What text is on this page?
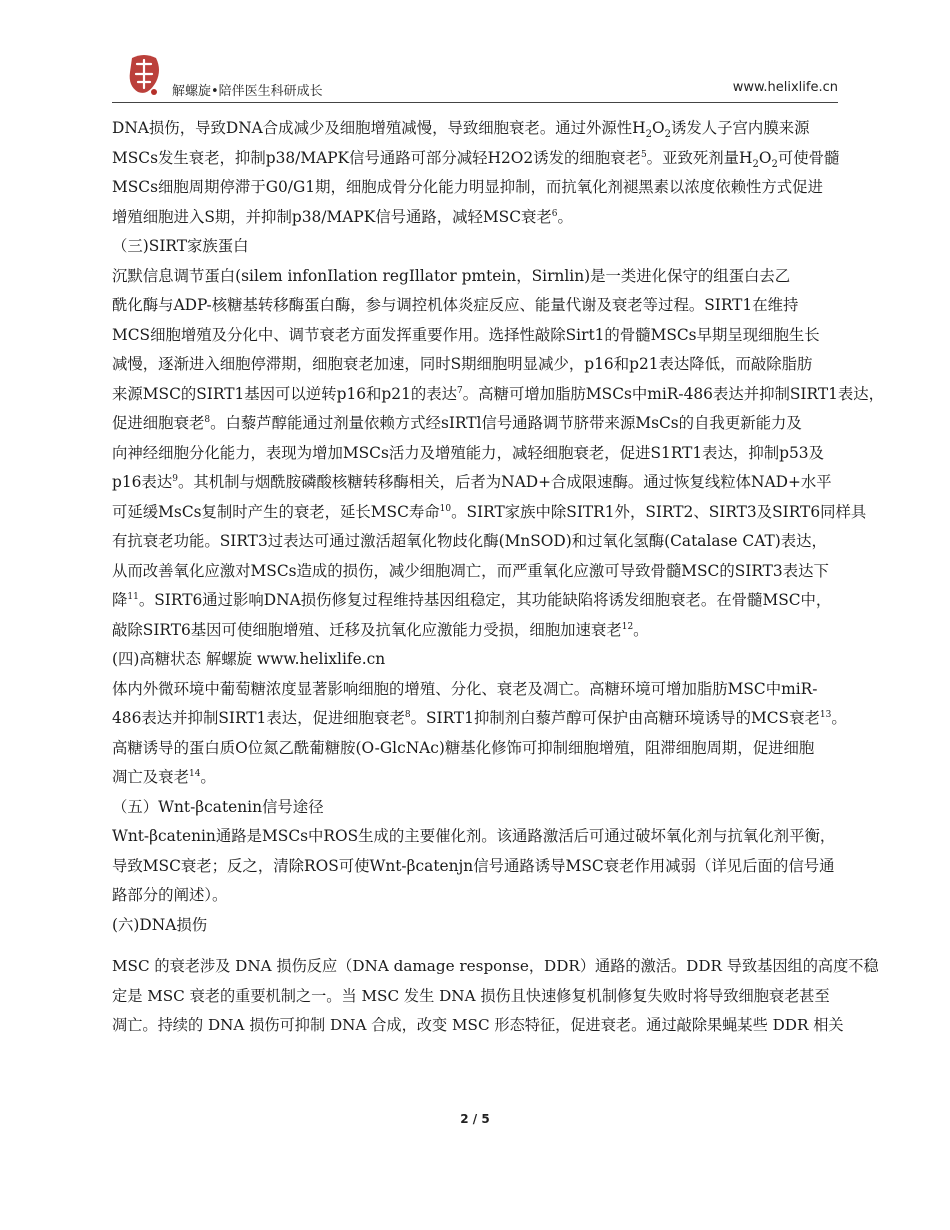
解螺旋•陪伴医生科研成长	www.helixlife.cn
DNA损伤，导致DNA合成减少及细胞增殖减慢，导致细胞衰老。通过外源性$H_2O_2$诱发人子宫内膜来源
MSCs发生衰老，抑制p38/MAPK信号通路可部分减轻H2O2诱发的细胞衰老$^5$。亚致死剂量$H_2O_2$可使骨髓
MSCs细胞周期停滞于G0/G1期，细胞成骨分化能力明显抑制，而抗氧化剂褪黑素以浓度依赖性方式促进
增殖细胞进入S期，并抑制p38/MAPK信号通路，减轻MSC衰老$^6$。
（三)SIRT家族蛋白
沉默信息调节蛋白(silem infonIlation regIllator pmtein，Sirnlin)是一类进化保守的组蛋白去乙
酰化酶与ADP-核糖基转移酶蛋白酶，参与调控机体炎症反应、能量代谢及衰老等过程。SIRT1在维持
MCS细胞增殖及分化中、调节衰老方面发挥重要作用。选择性敲除Sirt1的骨髓MSCs早期呈现细胞生长
减慢，逐渐进入细胞停滞期，细胞衰老加速，同时S期细胞明显减少，p16和p21表达降低，而敲除脂肪
来源MSC的SIRT1基因可以逆转p16和p21的表达$^7$。高糖可增加脂肪MSCs中miR-486表达并抑制SIRT1表达，
促进细胞衰老$^8$。白藜芦醇能通过剂量依赖方式经sIRTl信号通路调节脐带来源MsCs的自我更新能力及
向神经细胞分化能力，表现为增加MSCs活力及增殖能力，减轻细胞衰老，促进S1RT1表达，抑制p53及
p16表达$^9$。其机制与烟酰胺磷酸核糖转移酶相关，后者为NAD+合成限速酶。通过恢复线粒体NAD+水平
可延缓MsCs复制时产生的衰老，延长MSC寿命$^{10}$。SIRT家族中除SITR1外，SIRT2、SIRT3及SIRT6同样具
有抗衰老功能。SIRT3过表达可通过激活超氧化物歧化酶(MnSOD)和过氧化氢酶(Catalase CAT)表达，
从而改善氧化应激对MSCs造成的损伤，减少细胞凋亡，而严重氧化应激可导致骨髓MSC的SIRT3表达下
降$^{11}$。SIRT6通过影响DNA损伤修复过程维持基因组稳定，其功能缺陷将诱发细胞衰老。在骨髓MSC中，
敲除SIRT6基因可使细胞增殖、迁移及抗氧化应激能力受损，细胞加速衰老$^{12}$。
(四)高糖状态 解螺旋 www.helixlife.cn
体内外微环境中葡萄糖浓度显著影响细胞的增殖、分化、衰老及凋亡。高糖环境可增加脂肪MSC中miR-
486表达并抑制SIRT1表达，促进细胞衰老$^8$。SIRT1抑制剂白藜芦醇可保护由高糖环境诱导的MCS衰老$^{13}$。
高糖诱导的蛋白质O位氮乙酰葡糖胺(O-GlcNAc)糖基化修饰可抑制细胞增殖，阻滞细胞周期，促进细胞
凋亡及衰老$^{14}$。
（五）Wnt-βcatenin信号途径
Wnt-βcatenin通路是MSCs中ROS生成的主要催化剂。该通路激活后可通过破坏氧化剂与抗氧化剂平衡，
导致MSC衰老；反之，清除ROS可使Wnt-βcatenjn信号通路诱导MSC衰老作用减弱（详见后面的信号通
路部分的阐述）。
(六)DNA损伤
MSC 的衰老涉及 DNA 损伤反应（DNA damage response，DDR）通路的激活。DDR 导致基因组的高度不稳
定是 MSC 衰老的重要机制之一。当 MSC 发生 DNA 损伤且快速修复机制修复失败时将导致细胞衰老甚至
凋亡。持续的 DNA 损伤可抑制 DNA 合成，改变 MSC 形态特征，促进衰老。通过敲除果蝇某些 DDR 相关
2 / 5
